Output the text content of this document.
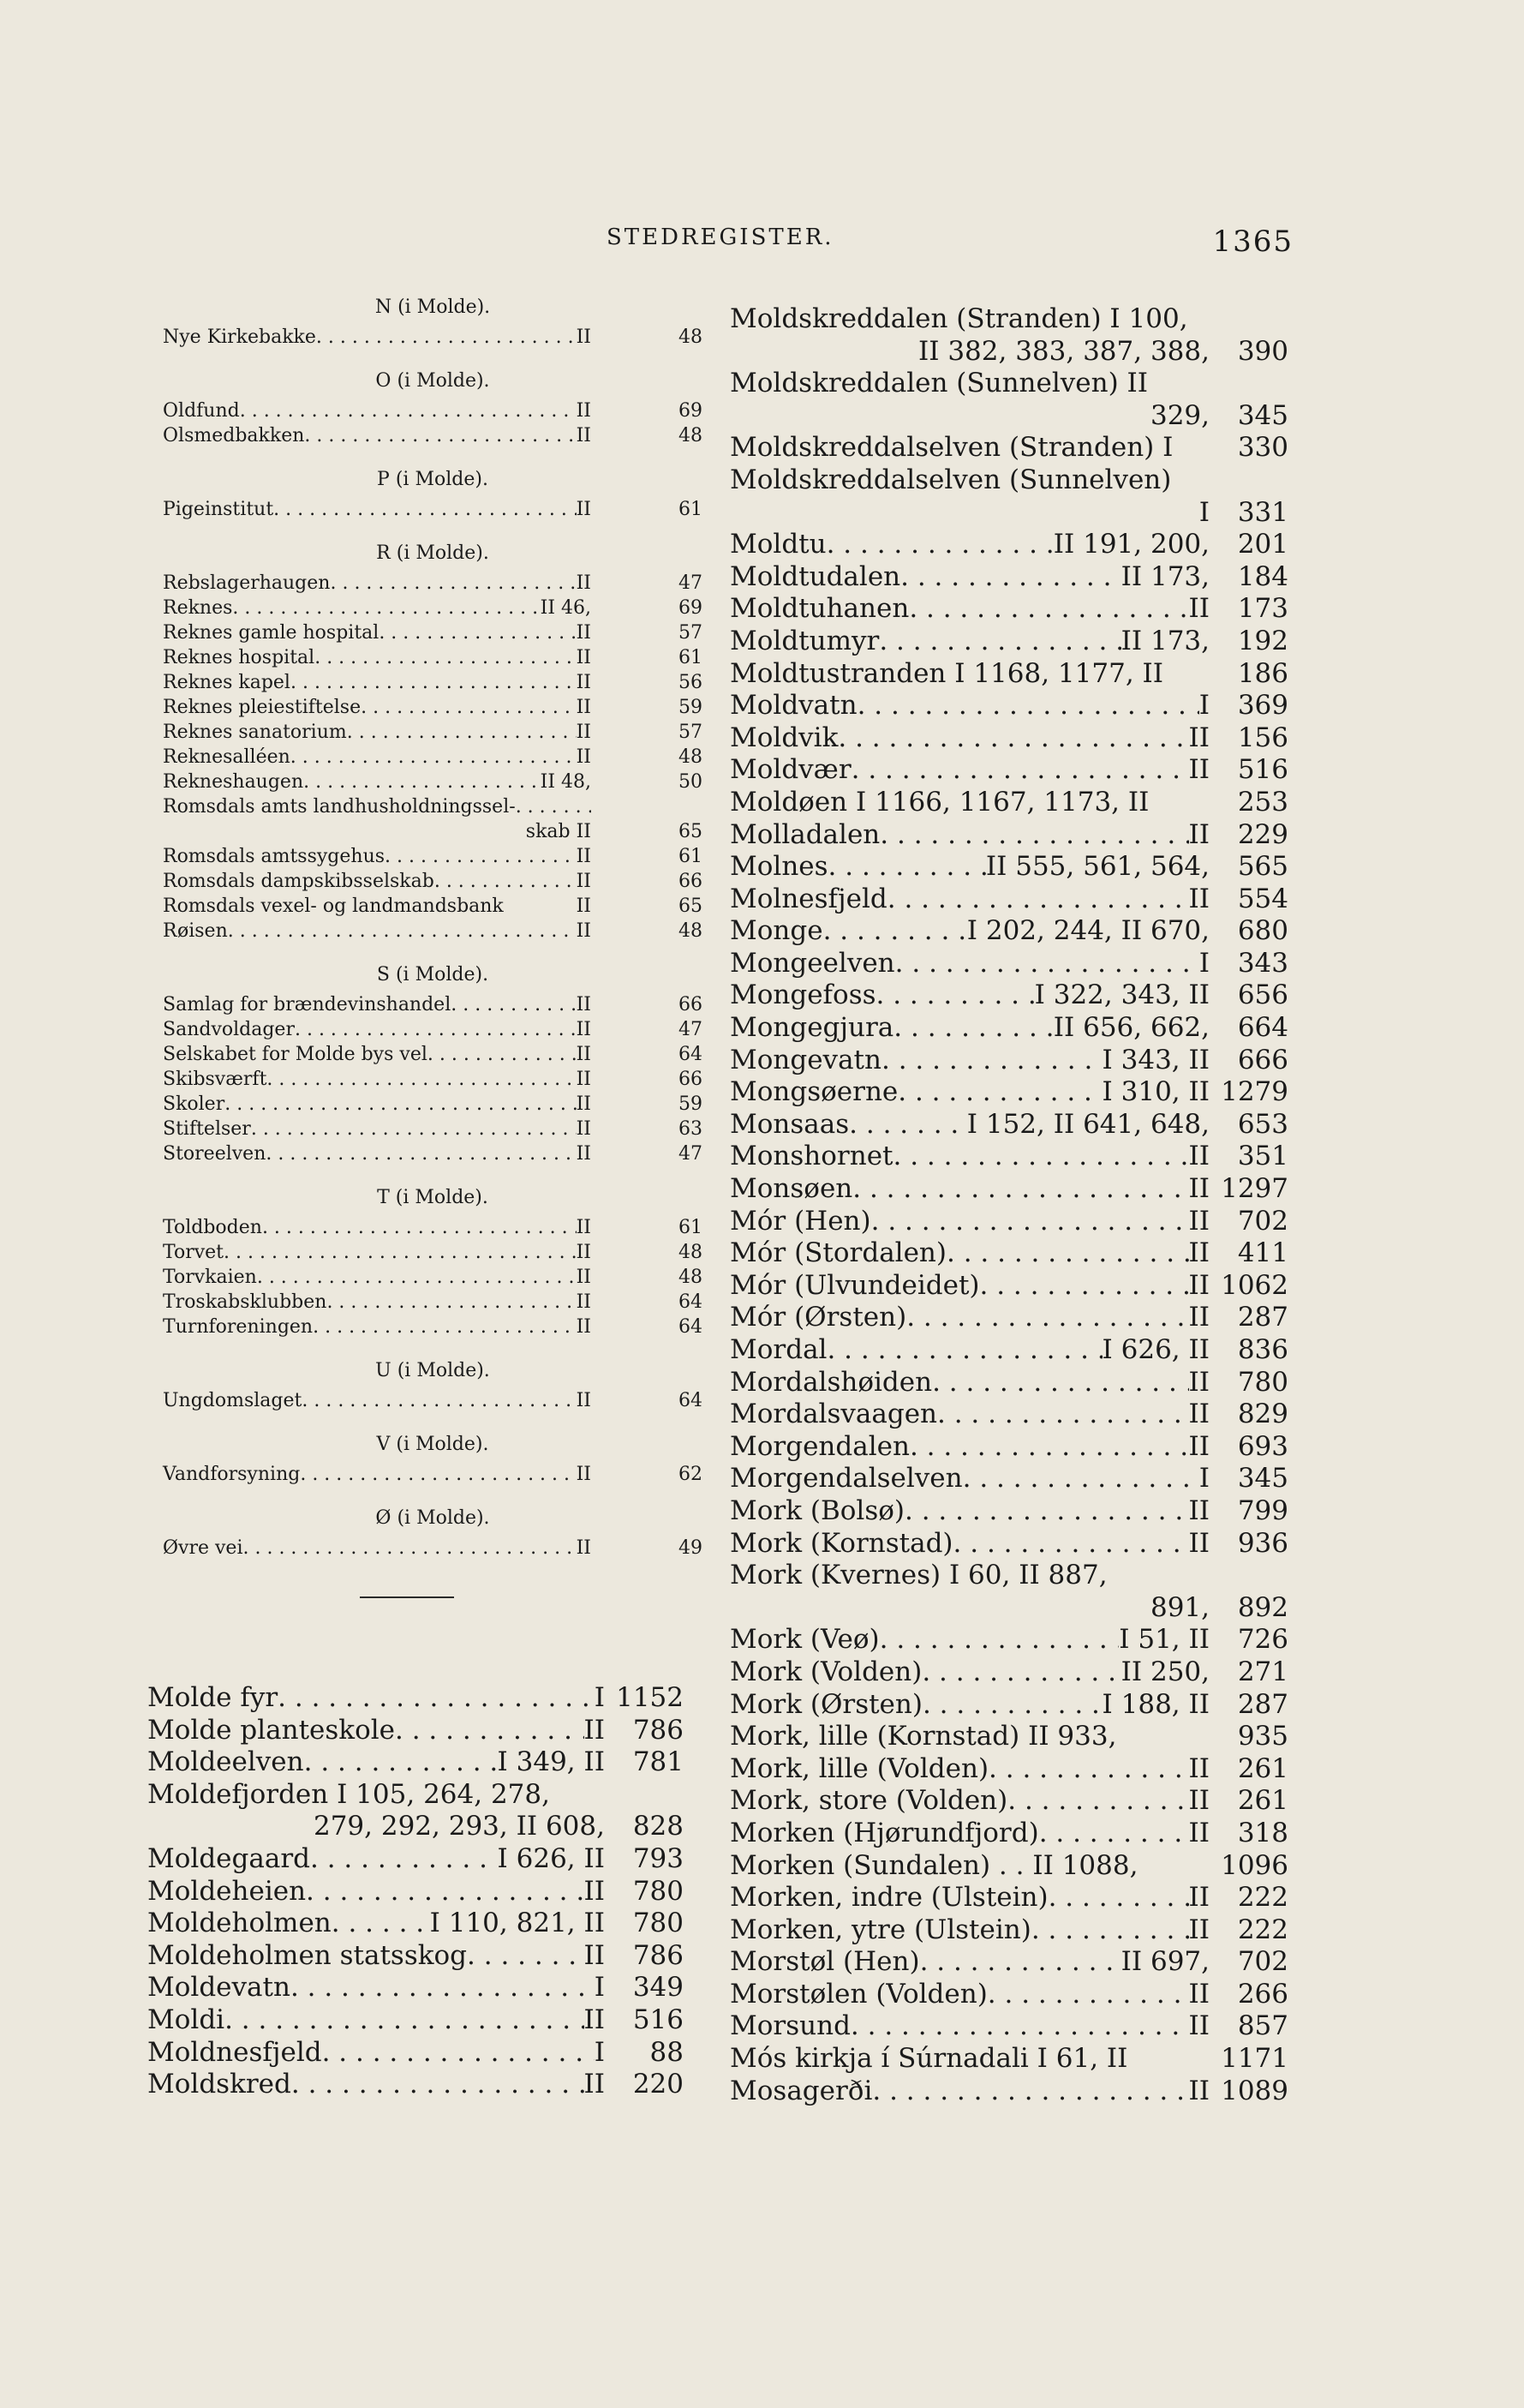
STEDREGISTER.	1365
N (i Molde).
Nye Kirkebakke . . .	II	48
O (i Molde).
Oldfund . . .	II	69
Olsmedbakken . . .	II	48
P (i Molde).
Pigeinstitut . . .	II	61
R (i Molde).
Rebslagerhaugen . . .	II	47
Reknes . . .	II 46,	69
Reknes gamle hospital . . .	II	57
Reknes hospital . . .	II	61
Reknes kapel . . .	II	56
Reknes pleiestiftelse . . .	II	59
Reknes sanatorium . . .	II	57
Reknesalléen . . .	II	48
Rekneshaugen . . .	II 48,	50
Romsdals amts landhusholdningssel-
. . .
skab II	65
Romsdals amtssygehus . . .	II	61
Romsdals dampskibsselskab . . .	II	66
Romsdals vexel- og landmandsbank	II	65
Røisen . . .	II	48
S (i Molde).
Samlag for brændevinshandel . . .	II	66
Sandvoldager . . .	II	47
Selskabet for Molde bys vel . . .	II	64
Skibsværft . . .	II	66
Skoler . . .	II	59
Stiftelser . . .	II	63
Storeelven . . .	II	47
T (i Molde).
Toldboden . . .	II	61
Torvet . . .	II	48
Torvkaien . . .	II	48
Troskabsklubben . . .	II	64
Turnforeningen . . .	II	64
U (i Molde).
Ungdomslaget . . .	II	64
V (i Molde).
Vandforsyning . . .	II	62
Ø (i Molde).
Øvre vei . . .	II	49
Molde fyr . . .	I 1152
Molde planteskole . . .	II	786
Moldeelven . . .	I 349, II	781
Moldefjorden I 105, 264, 278,
279, 292, 293, II 608,	828
Moldegaard . . .	I 626, II	793
Moldeheien . . .	II	780
Moldeholmen . . .	I 110, 821, II	780
Moldeholmen statsskog . . .	II	786
Moldevatn . . .	I	349
Moldi . . .	II	516
Moldnesfjeld . . .	I	88
Moldskred . . .	II	220
Moldskreddalen (Stranden) I 100,
II 382, 383, 387, 388,	390
Moldskreddalen (Sunnelven) II
329,	345
Moldskreddalselven (Stranden) I	330
Moldskreddalselven (Sunnelven)
I	331
Moldtu . . .	II 191, 200,	201
Moldtudalen . . .	II 173,	184
Moldtuhanen . . .	II	173
Moldtumyr . . .	II 173,	192
Moldtustranden I 1168, 1177, II	186
Moldvatn . . .	I	369
Moldvik . . .	II	156
Moldvær . . .	II	516
Moldøen I 1166, 1167, 1173, II	253
Molladalen . . .	II	229
Molnes . . .	II 555, 561, 564,	565
Molnesfjeld . . .	II	554
Monge . . .	I 202, 244, II 670,	680
Mongeelven . . .	I	343
Mongefoss . . .	I 322, 343, II	656
Mongegjura . . .	II 656, 662,	664
Mongevatn . . .	I 343, II	666
Mongsøerne . . .	I 310, II 1279
Monsaas . . .	I 152, II 641, 648,	653
Monshornet . . .	II	351
Monsøen . . .	II 1297
Mór (Hen) . . .	II	702
Mór (Stordalen) . . .	II	411
Mór (Ulvundeidet) . . .	II 1062
Mór (Ørsten) . . .	II	287
Mordal . . .	I 626, II	836
Mordalshøiden . . .	II	780
Mordalsvaagen . . .	II	829
Morgendalen . . .	II	693
Morgendalselven . . .	I	345
Mork (Bolsø) . . .	II	799
Mork (Kornstad) . . .	II	936
Mork (Kvernes) I 60, II 887,
891,	892
Mork (Veø) . . .	I 51, II	726
Mork (Volden) . . .	II 250,	271
Mork (Ørsten) . . .	I 188, II	287
Mork, lille (Kornstad) II 933,	935
Mork, lille (Volden) . . .	II	261
Mork, store (Volden) . . .	II	261
Morken (Hjørundfjord) . . .	II	318
Morken (Sundalen) . . II 1088,	1096
Morken, indre (Ulstein) . . .	II	222
Morken, ytre (Ulstein) . . .	II	222
Morstøl (Hen) . . .	II 697,	702
Morstølen (Volden) . . .	II	266
Morsund . . .	II	857
Mós kirkja í Súrnadali I 61, II	1171
Mosagerði . . .	II 1089
